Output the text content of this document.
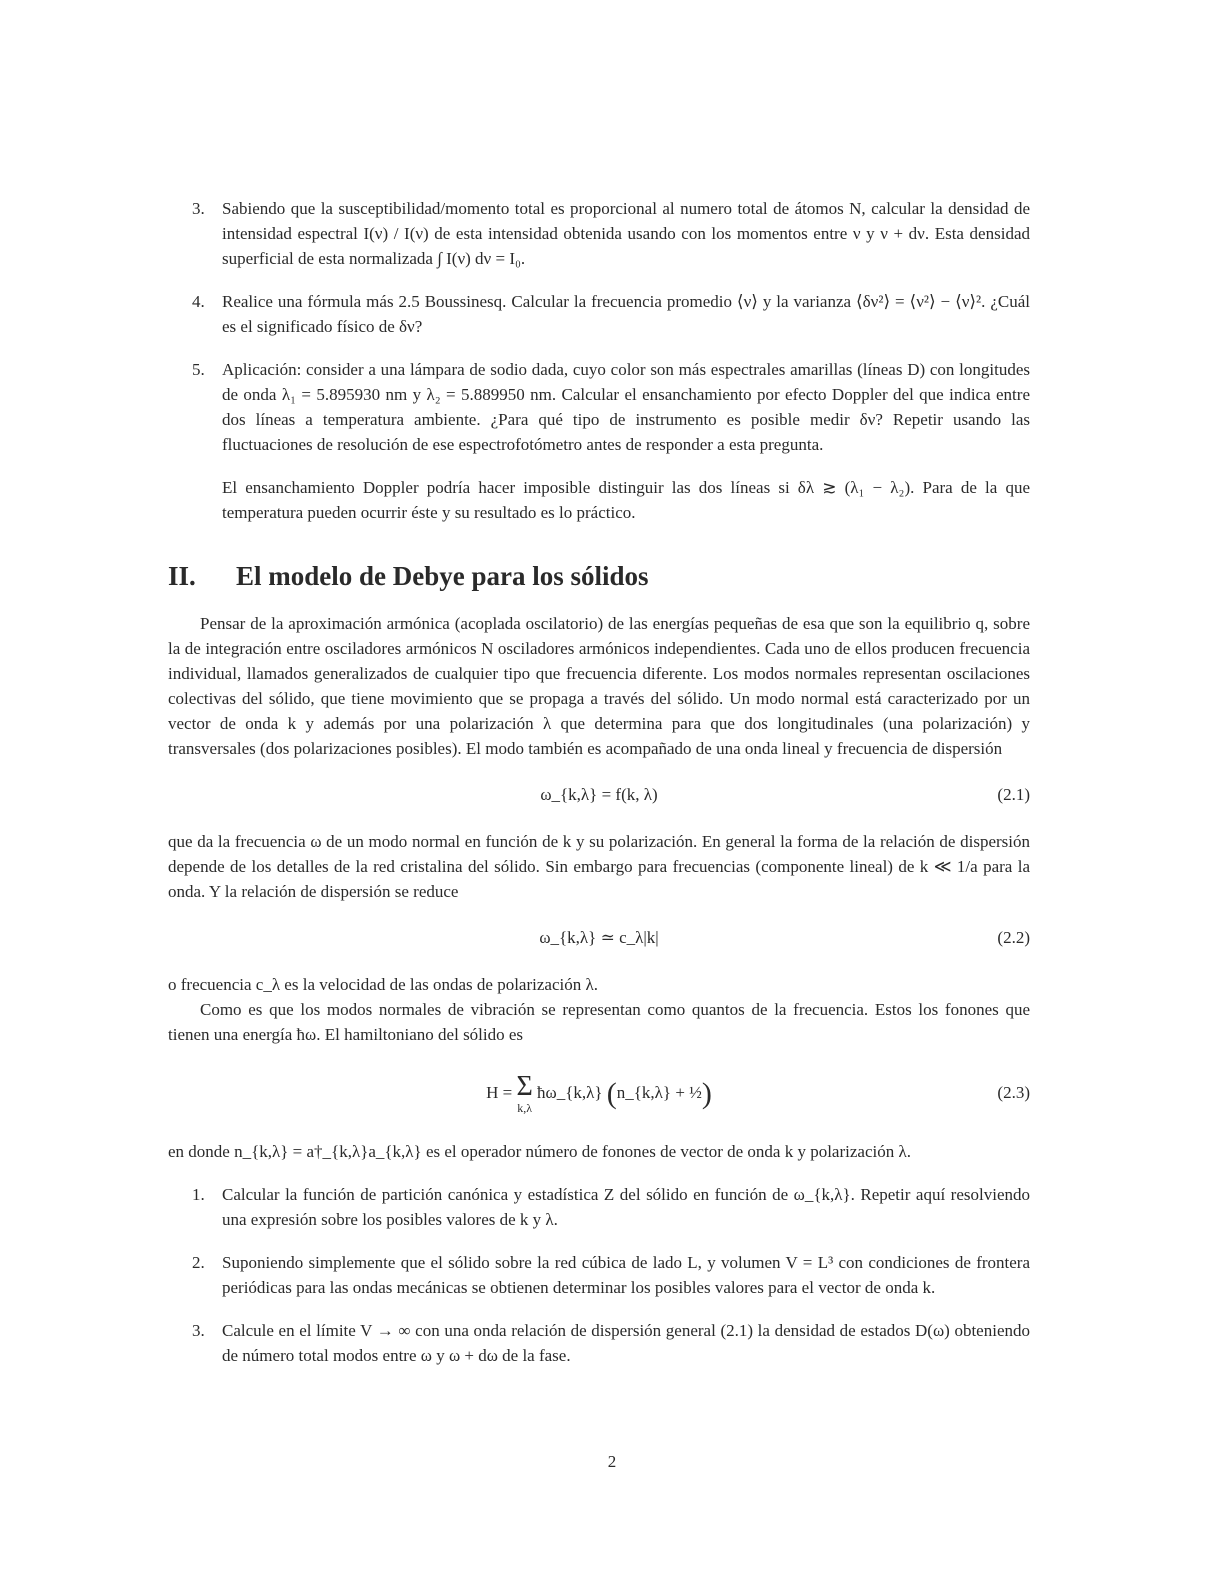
3. Sabiendo que la susceptibilidad/momento total es proporcional al numero total de átomos N, calcular la densidad de intensidad espectral I(ν) / I(ν) de esta intensidad obtenida usando con los momentos entre ν y ν + dν. Esta densidad superficial de esta normalizada ∫ I(ν) dν = I₀.
4. Realice una fórmula más 2.5 Boussinesq. Calcular la frecuencia promedio ⟨ν⟩ y la varianza ⟨δν²⟩ = ⟨ν²⟩ − ⟨ν⟩². ¿Cuál es el significado físico de δν?
5. Aplicación: consider a una lámpara de sodio dada, cuyo color son más espectrales amarillas (líneas D) con longitudes de onda λ₁ = 5.895930 nm y λ₂ = 5.889950 nm. Calcular el ensanchamiento por efecto Doppler del que indica entre dos líneas a temperatura ambiente. ¿Para qué tipo de instrumento es posible medir δν? Repetir usando las fluctuaciones de resolución de ese espectrofotómetro antes de responder a esta pregunta.
El ensanchamiento Doppler podría hacer imposible distinguir las dos líneas si δλ ≳ (λ₁ − λ₂). Para de la que temperatura pueden ocurrir éste y su resultado es lo práctico.
II.	El modelo de Debye para los sólidos
Pensar de la aproximación armónica (acoplada oscilatorio) de las energías pequeñas de esa que son la equilibrio q, sobre la de integración entre osciladores armónicos N osciladores armónicos independientes. Cada uno de ellos producen frecuencia individual, llamados generalizados de cualquier tipo que frecuencia diferente. Los modos normales representan oscilaciones colectivas del sólido, que tiene movimiento que se propaga a través del sólido. Un modo normal está caracterizado por un vector de onda k y además por una polarización λ que determina para que dos longitudinales (una polarización) y transversales (dos polarizaciones posibles). El modo también es acompañado de una onda lineal y frecuencia de dispersión
ω_{k,λ} = f(k, λ)	(2.1)
que da la frecuencia ω de un modo normal en función de k y su polarización. En general la forma de la relación de dispersión depende de los detalles de la red cristalina del sólido. Sin embargo para frecuencias (componente lineal) de k ≪ 1/a para la onda. Y la relación de dispersión se reduce
ω_{k,λ} ≃ c_λ|k|	(2.2)
o frecuencia c_λ es la velocidad de las ondas de polarización λ.
Como es que los modos normales de vibración se representan como quantos de la frecuencia. Estos los fonones que tienen una energía ħω. El hamiltoniano del sólido es
H = Σ
k,λ
ħω_{k,λ} (n_{k,λ} + ½)	(2.3)
en donde n_{k,λ} = a†_{k,λ}a_{k,λ} es el operador número de fonones de vector de onda k y polarización λ.
1. Calcular la función de partición canónica y estadística Z del sólido en función de ω_{k,λ}. Repetir aquí resolviendo una expresión sobre los posibles valores de k y λ.
2. Suponiendo simplemente que el sólido sobre la red cúbica de lado L, y volumen V = L³ con condiciones de frontera periódicas para las ondas mecánicas se obtienen determinar los posibles valores para el vector de onda k.
3. Calcule en el límite V → ∞ con una onda relación de dispersión general (2.1) la densidad de estados D(ω) obteniendo de número total modos entre ω y ω + dω de la fase.
2
